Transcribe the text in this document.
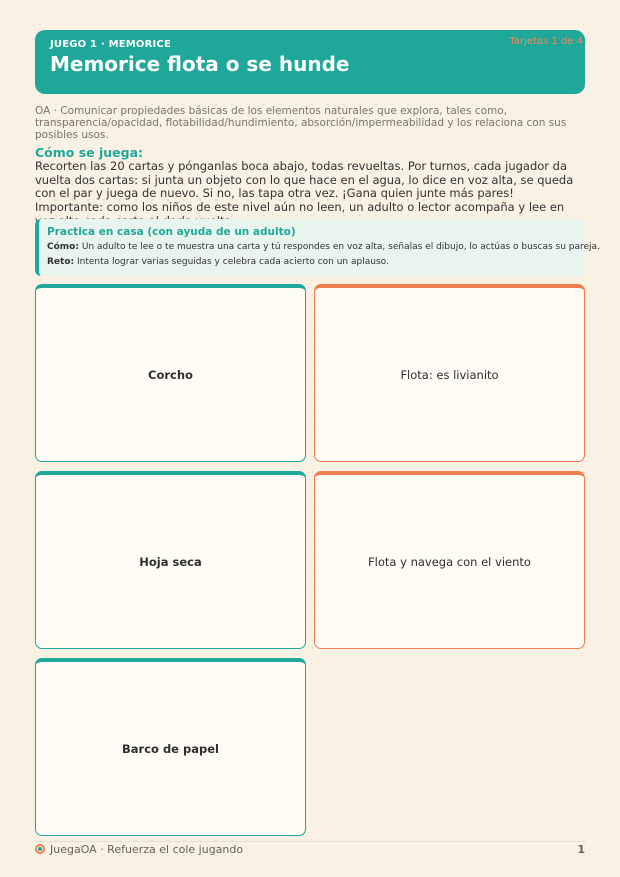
JUEGO 1 · MEMORICE
Memorice flota o se hunde
Tarjetas 1 de 4
OA · Comunicar propiedades básicas de los elementos naturales que explora, tales como, transparencia/opacidad, flotabilidad/hundimiento, absorción/impermeabilidad y los relaciona con sus posibles usos.
Cómo se juega:
Recorten las 20 cartas y pónganlas boca abajo, todas revueltas. Por turnos, cada jugador da vuelta dos cartas: si junta un objeto con lo que hace en el agua, lo dice en voz alta, se queda con el par y juega de nuevo. Si no, las tapa otra vez. ¡Gana quien junte más pares! Importante: como los niños de este nivel aún no leen, un adulto o lector acompaña y lee en
Practica en casa (con ayuda de un adulto)
Cómo: Un adulto te lee o te muestra una carta y tú respondes en voz alta, señalas el dibujo, lo actúas o buscas su pareja.
Reto: Intenta lograr varias seguidas y celebra cada acierto con un aplauso.
Corcho	Flota: es livianito
Hoja seca	Flota y navega con el viento
Barco de papel
JuegaOA · Refuerza el cole jugando	1
